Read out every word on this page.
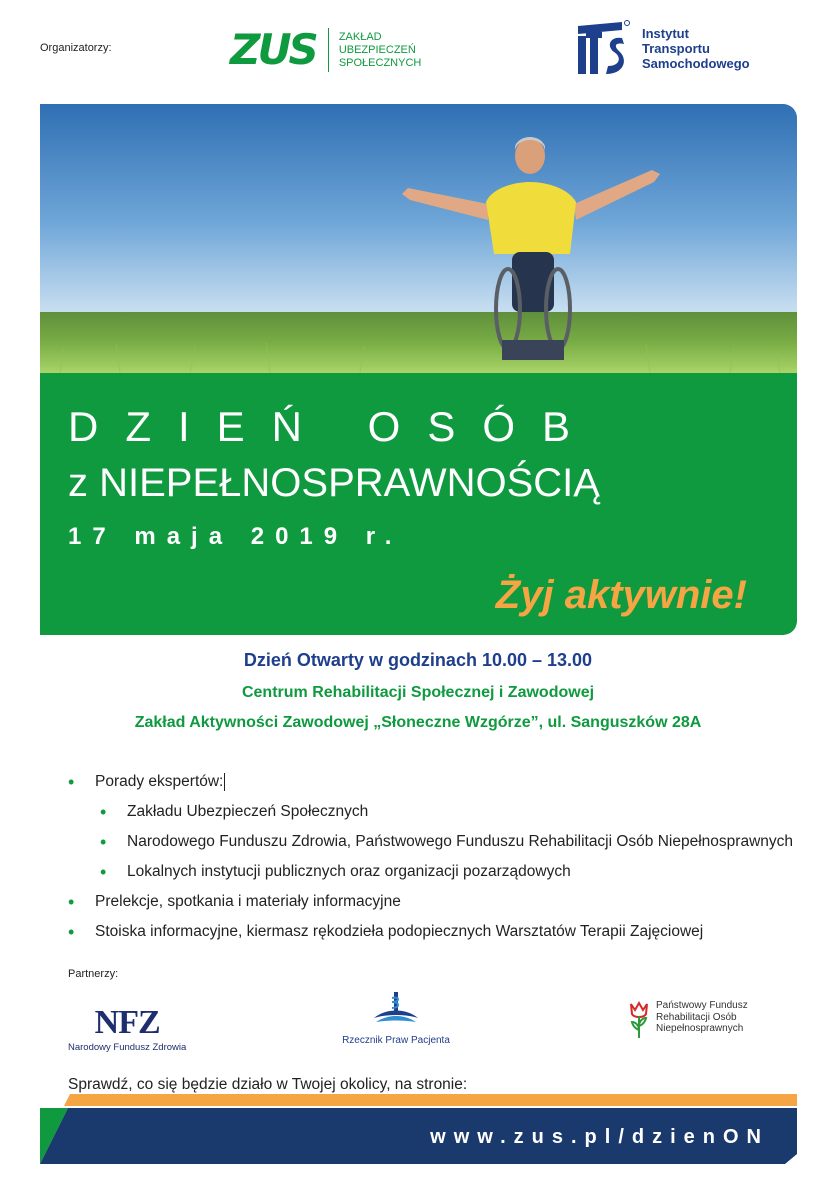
Organizatorzy:	ZUS ZAKŁAD
UBEZPIECZEŃ
SPOŁECZNYCH
Instytut
Transportu
Samochodowego
DZIEŃ OSÓB
z NIEPEŁNOSPRAWNOŚCIĄ
17 maja 2019 r.
Żyj aktywnie!
Dzień Otwarty w godzinach 10.00 – 13.00
Centrum Rehabilitacji Społecznej i Zawodowej
Zakład Aktywności Zawodowej „Słoneczne Wzgórze”, ul. Sanguszków 28A
• Porady ekspertów:
• Zakładu Ubezpieczeń Społecznych
• Narodowego Funduszu Zdrowia, Państwowego Funduszu Rehabilitacji Osób Niepełnosprawnych
• Lokalnych instytucji publicznych oraz organizacji pozarządowych
• Prelekcje, spotkania i materiały informacyjne
• Stoiska informacyjne, kiermasz rękodzieła podopiecznych Warsztatów Terapii Zajęciowej
Partnerzy:
NFZ
Narodowy Fundusz Zdrowia
Rzecznik Praw Pacjenta
Państwowy Fundusz
Rehabilitacji Osób
Niepełnosprawnych
Sprawdź, co się będzie działo w Twojej okolicy, na stronie:
www.zus.pl/dzienON
